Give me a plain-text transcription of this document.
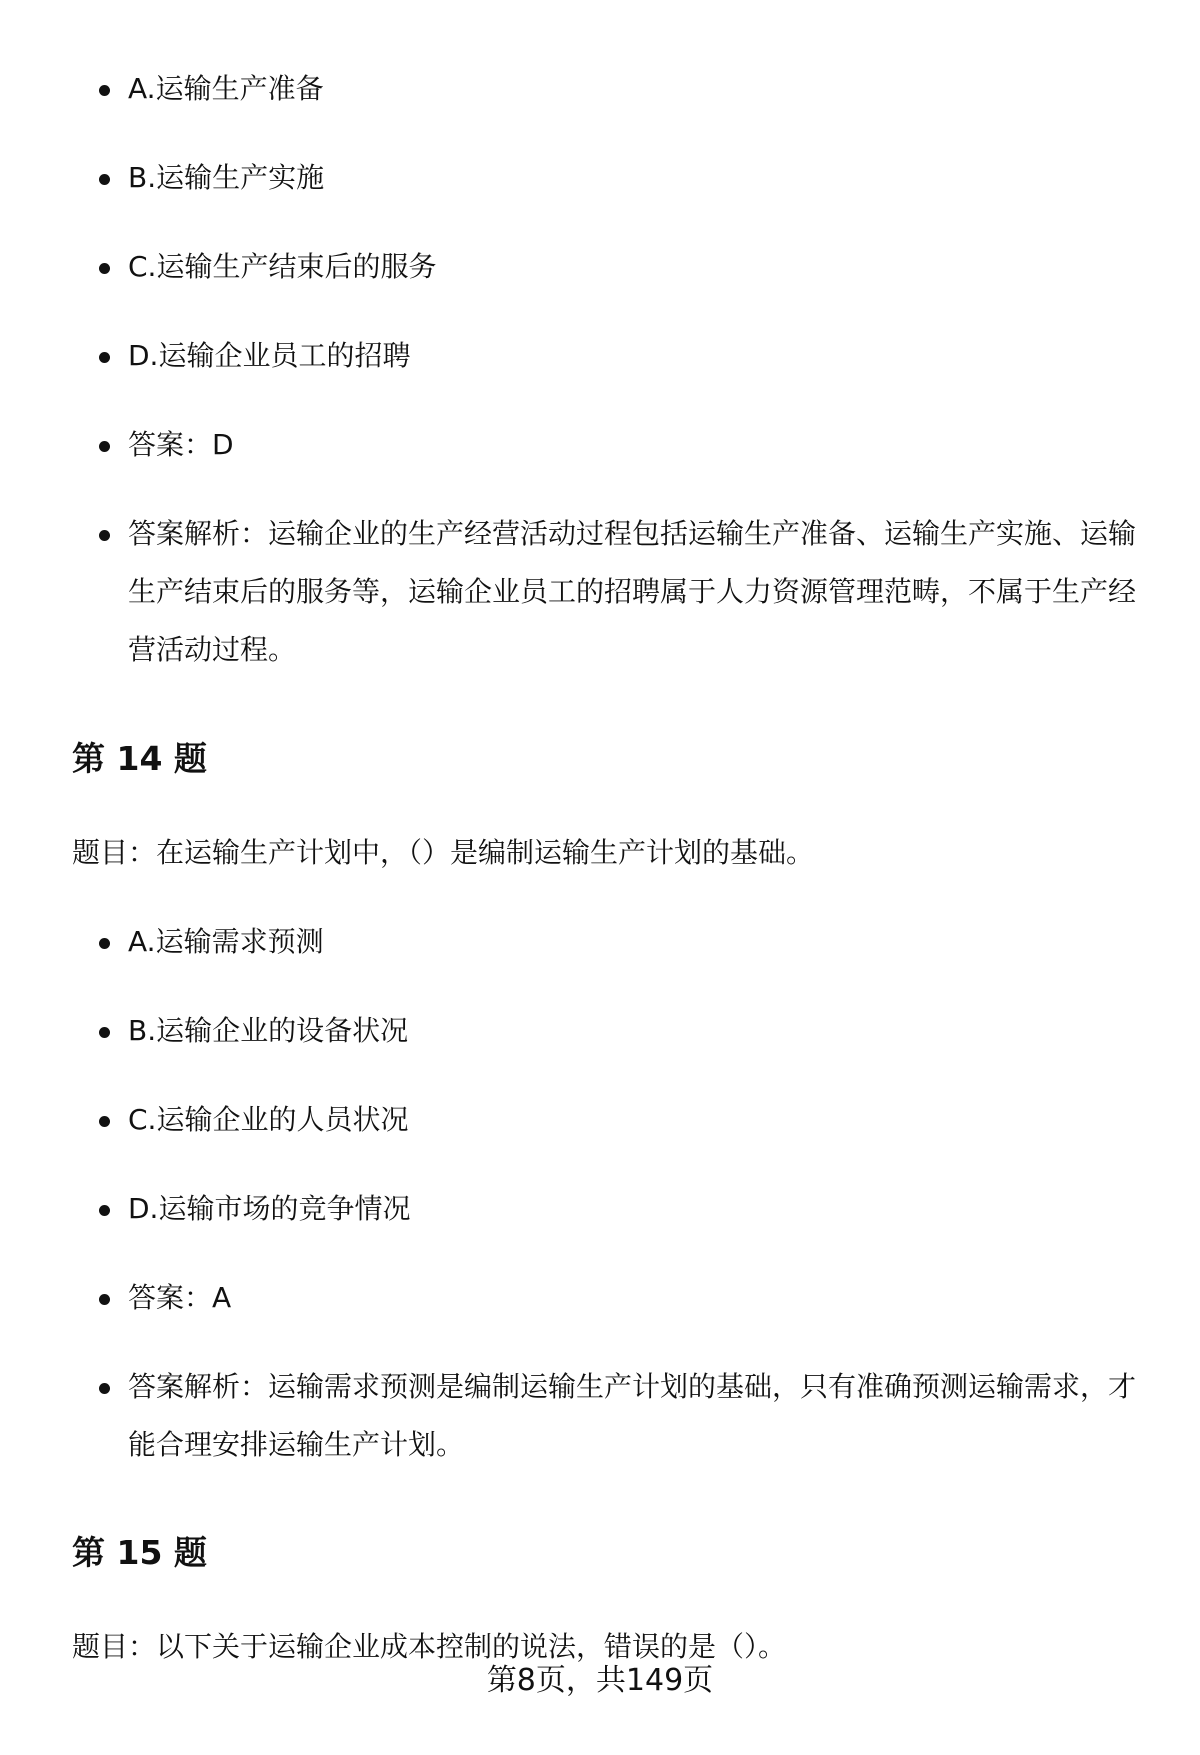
A.运输生产准备
B.运输生产实施
C.运输生产结束后的服务
D.运输企业员工的招聘
答案：D
答案解析：运输企业的生产经营活动过程包括运输生产准备、运输生产实施、运输生产结束后的服务等，运输企业员工的招聘属于人力资源管理范畴，不属于生产经营活动过程。
第 14 题
题目：在运输生产计划中，（）是编制运输生产计划的基础。
A.运输需求预测
B.运输企业的设备状况
C.运输企业的人员状况
D.运输市场的竞争情况
答案：A
答案解析：运输需求预测是编制运输生产计划的基础，只有准确预测运输需求，才能合理安排运输生产计划。
第 15 题
题目：以下关于运输企业成本控制的说法，错误的是（）。
第8页，共149页
